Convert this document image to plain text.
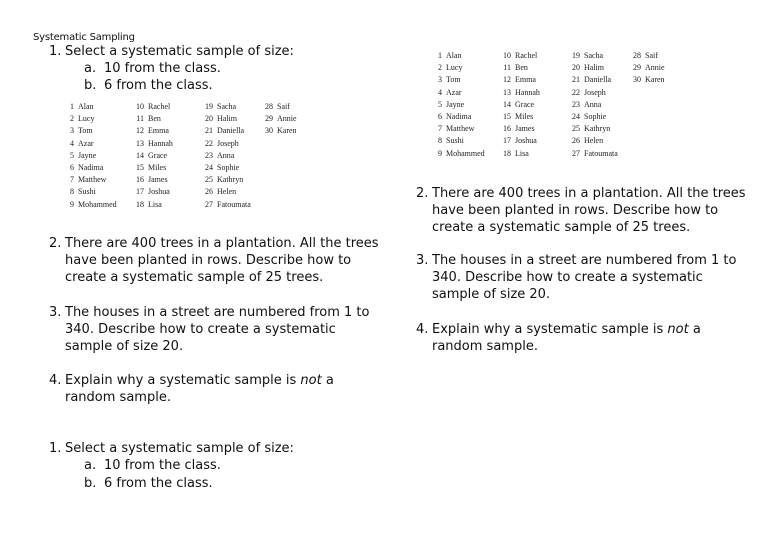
Systematic Sampling
1. Select a systematic sample of size:
a. 10 from the class.
b. 6 from the class.
1 Alan
2 Lucy
3 Tom
4 Azar
5 Jayne
6 Nadima
7 Matthew
8 Sushi
9 Mohammed
10 Rachel
11 Ben
12 Emma
13 Hannah
14 Grace
15 Miles
16 James
17 Joshua
18 Lisa
19 Sacha
20 Halim
21 Daniella
22 Joseph
23 Anna
24 Sophie
25 Kathryn
26 Helen
27 Fatoumata
28 Saif
29 Annie
30 Karen
2. There are 400 trees in a plantation. All the trees have been planted in rows. Describe how to create a systematic sample of 25 trees.
3. The houses in a street are numbered from 1 to 340. Describe how to create a systematic sample of size 20.
4. Explain why a systematic sample is not a random sample.
1. Select a systematic sample of size:
a. 10 from the class.
b. 6 from the class.
1 Alan
2 Lucy
3 Tom
4 Azar
5 Jayne
6 Nadima
7 Matthew
8 Sushi
9 Mohammed
10 Rachel
11 Ben
12 Emma
13 Hannah
14 Grace
15 Miles
16 James
17 Joshua
18 Lisa
19 Sacha
20 Halim
21 Daniella
22 Joseph
23 Anna
24 Sophie
25 Kathryn
26 Helen
27 Fatoumata
28 Saif
29 Annie
30 Karen
2. There are 400 trees in a plantation. All the trees have been planted in rows. Describe how to create a systematic sample of 25 trees.
3. The houses in a street are numbered from 1 to 340. Describe how to create a systematic sample of size 20.
4. Explain why a systematic sample is not a random sample.
